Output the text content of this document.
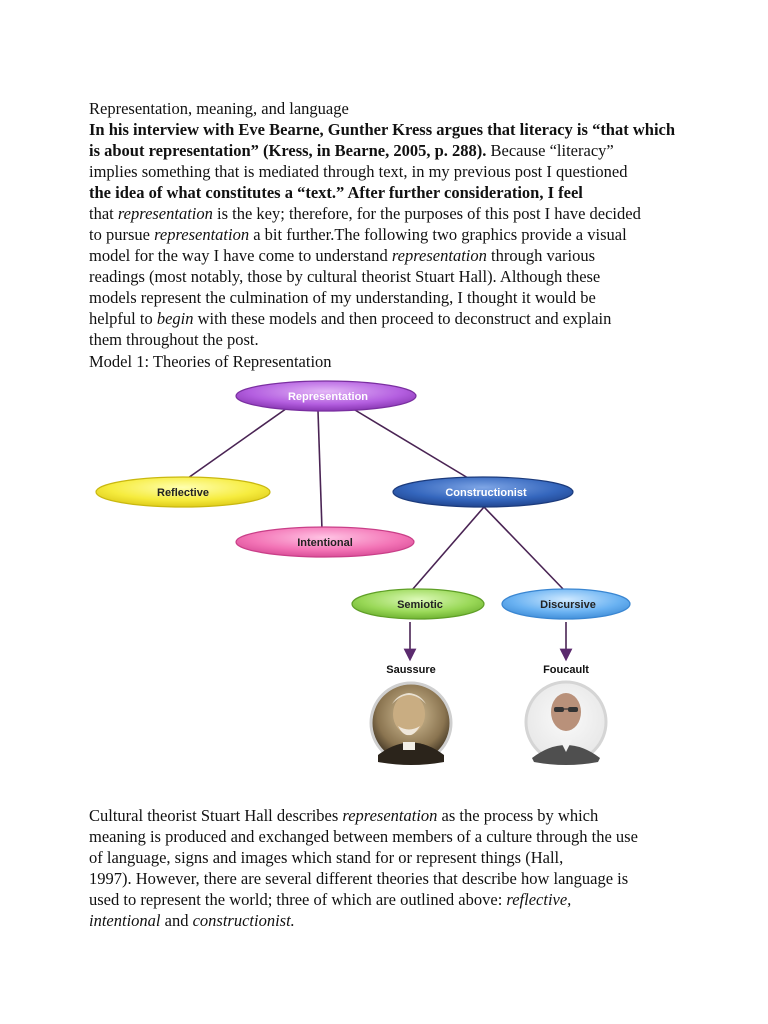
Representation, meaning, and language
In his interview with Eve Bearne, Gunther Kress argues that literacy is “that which
is about representation” (Kress, in Bearne, 2005, p. 288). Because “literacy”
implies something that is mediated through text, in my previous post I questioned
the idea of what constitutes a “text.” After further consideration, I feel
that representation is the key; therefore, for the purposes of this post I have decided
to pursue representation a bit further.The following two graphics provide a visual
model for the way I have come to understand representation through various
readings (most notably, those by cultural theorist Stuart Hall). Although these
models represent the culmination of my understanding, I thought it would be
helpful to begin with these models and then proceed to deconstruct and explain
them throughout the post.
Model 1: Theories of Representation
Representation
Reflective
Intentional
Constructionist
Semiotic	Discursive
Saussure	Foucault
Cultural theorist Stuart Hall describes representation as the process by which
meaning is produced and exchanged between members of a culture through the use
of language, signs and images which stand for or represent things (Hall,
1997). However, there are several different theories that describe how language is
used to represent the world; three of which are outlined above: reflective,
intentional and constructionist.
